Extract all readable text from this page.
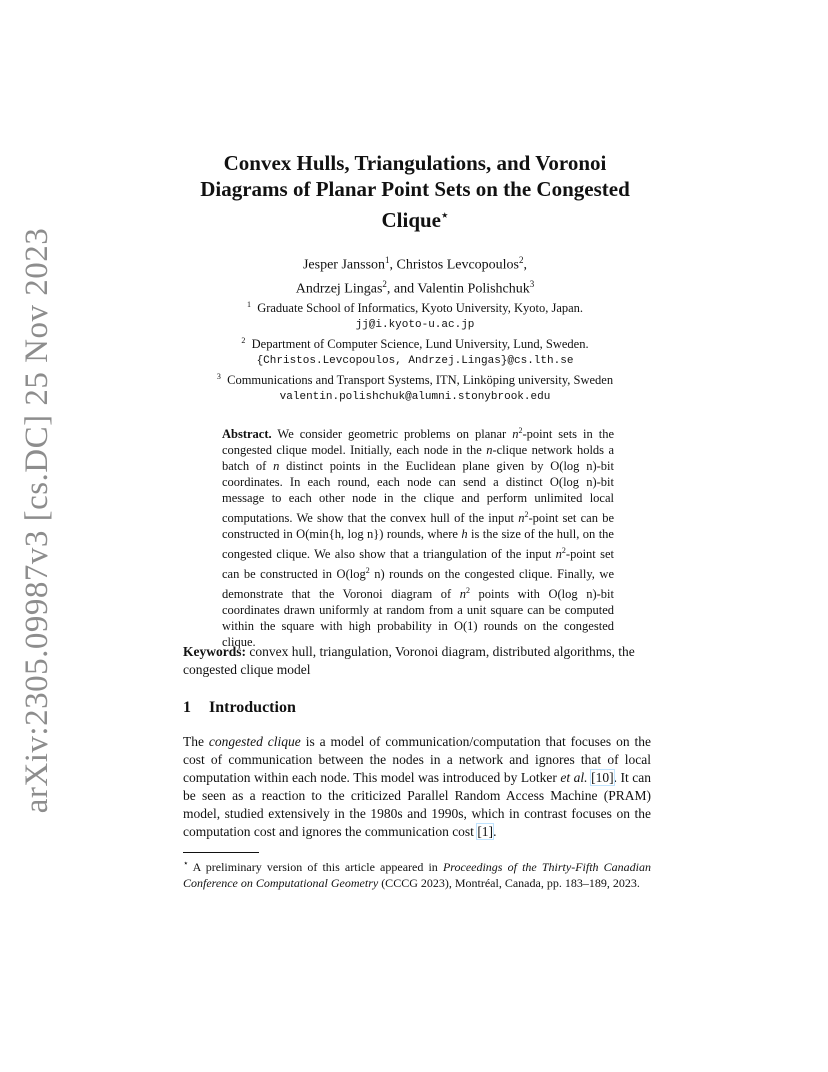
arXiv:2305.09987v3 [cs.DC] 25 Nov 2023
Convex Hulls, Triangulations, and Voronoi
Diagrams of Planar Point Sets on the Congested
Clique⋆
Jesper Jansson$^1$, Christos Levcopoulos$^2$,
Andrzej Lingas$^2$, and Valentin Polishchuk$^3$
$^1$ Graduate School of Informatics, Kyoto University, Kyoto, Japan.
jj@i.kyoto-u.ac.jp
$^2$ Department of Computer Science, Lund University, Lund, Sweden.
{Christos.Levcopoulos, Andrzej.Lingas}@cs.lth.se
$^3$ Communications and Transport Systems, ITN, Linköping university, Sweden
valentin.polishchuk@alumni.stonybrook.edu
Abstract. We consider geometric problems on planar $n^2$-point sets in the congested clique model. Initially, each node in the n-clique network holds a batch of n distinct points in the Euclidean plane given by O(log n)-bit coordinates. In each round, each node can send a distinct O(log n)-bit message to each other node in the clique and perform unlimited local computations. We show that the convex hull of the input $n^2$-point set can be constructed in O(min{h, log n}) rounds, where h is the size of the hull, on the congested clique. We also show that a triangulation of the input $n^2$-point set can be constructed in $O(\log^2$ n) rounds on the congested clique. Finally, we demonstrate that the Voronoi diagram of $n^2$ points with O(log n)-bit coordinates drawn uniformly at random from a unit square can be computed within the square with high probability in O(1) rounds on the congested clique.
Keywords: convex hull, triangulation, Voronoi diagram, distributed algorithms, the congested clique model
1 Introduction
The congested clique is a model of communication/computation that focuses on the cost of communication between the nodes in a network and ignores that of local computation within each node. This model was introduced by Lotker et al. [10]. It can be seen as a reaction to the criticized Parallel Random Access Machine (PRAM) model, studied extensively in the 1980s and 1990s, which in contrast focuses on the computation cost and ignores the communication cost [1].
⋆ A preliminary version of this article appeared in Proceedings of the Thirty-Fifth Canadian Conference on Computational Geometry (CCCG 2023), Montréal, Canada, pp. 183–189, 2023.
